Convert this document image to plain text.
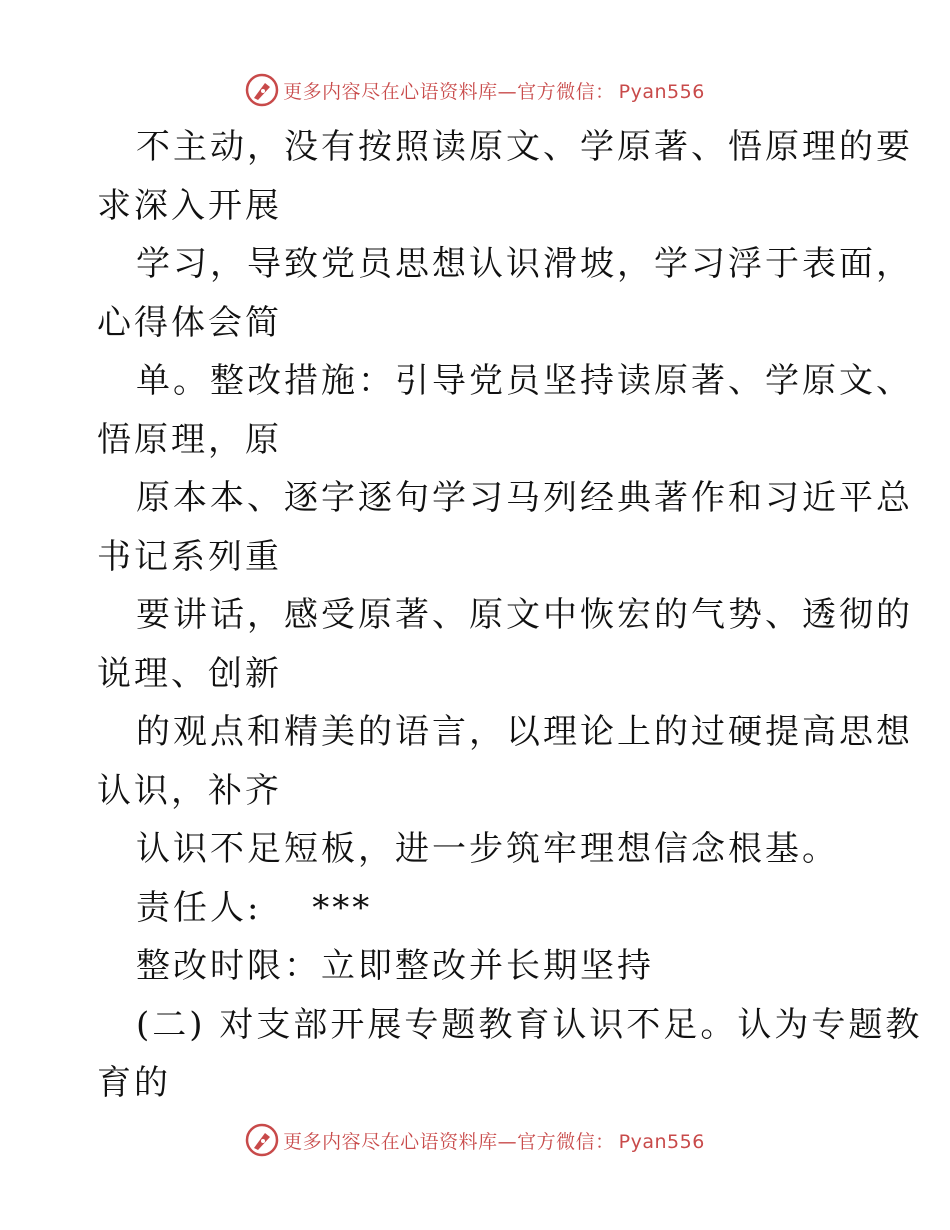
更多内容尽在心语资料库—官方微信： Pyan556
不主动，没有按照读原文、学原著、悟原理的要
求深入开展
学习，导致党员思想认识滑坡，学习浮于表面，
心得体会简
单。整改措施：引导党员坚持读原著、学原文、
悟原理，原
原本本、逐字逐句学习马列经典著作和习近平总
书记系列重
要讲话，感受原著、原文中恢宏的气势、透彻的
说理、创新
的观点和精美的语言，以理论上的过硬提高思想
认识，补齐
认识不足短板，进一步筑牢理想信念根基。
责任人:　 ***
整改时限：立即整改并长期坚持
(二) 对支部开展专题教育认识不足。认为专题教
育的
更多内容尽在心语资料库—官方微信： Pyan556
